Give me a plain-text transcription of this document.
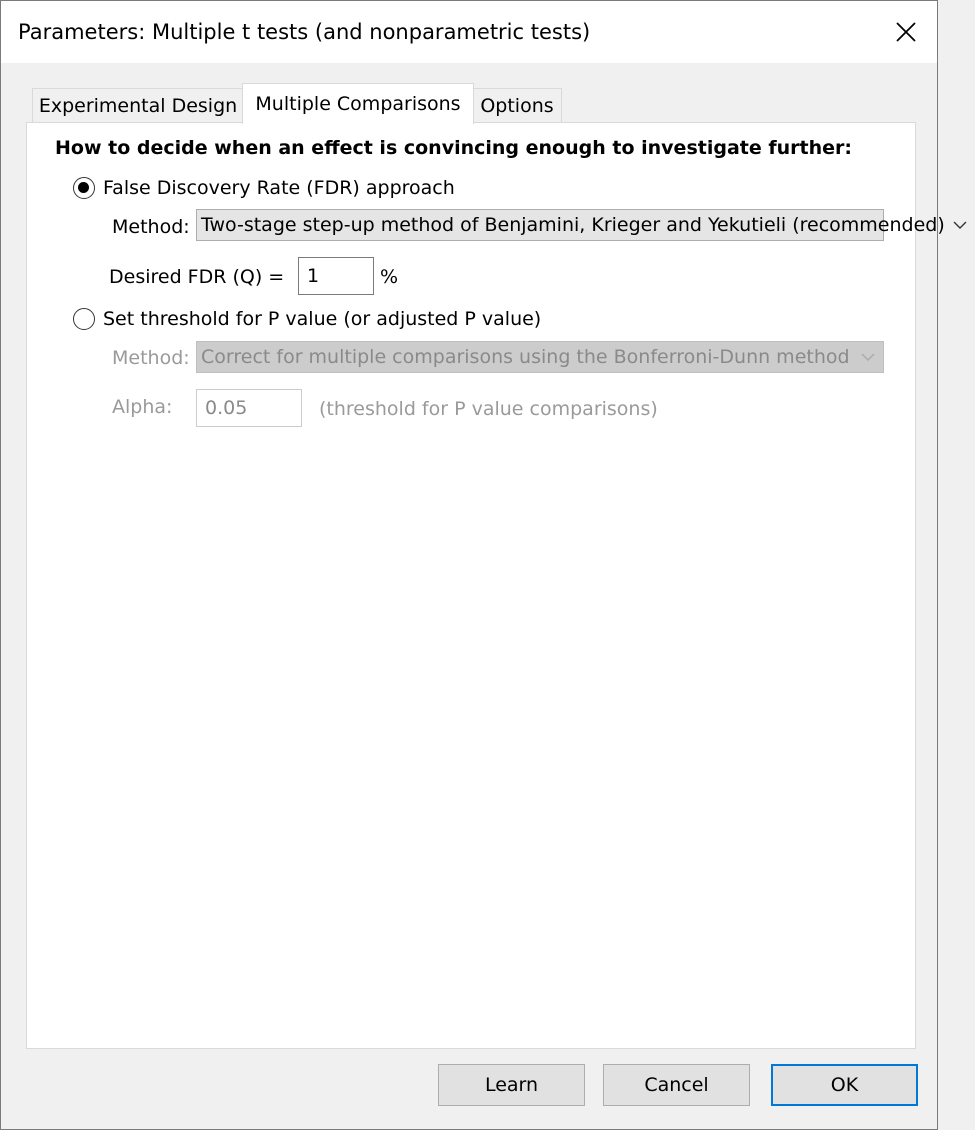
Parameters: Multiple t tests (and nonparametric tests)
Experimental Design Multiple Comparisons Options
How to decide when an effect is convincing enough to investigate further:
False Discovery Rate (FDR) approach
Method: Two-stage step-up method of Benjamini, Krieger and Yekutieli (recommended)
Desired FDR (Q) =
1	%
Set threshold for P value (or adjusted P value)
Method: Correct for multiple comparisons using the Bonferroni-Dunn method
Alpha:
0.05	(threshold for P value comparisons)
Learn	Cancel	OK
